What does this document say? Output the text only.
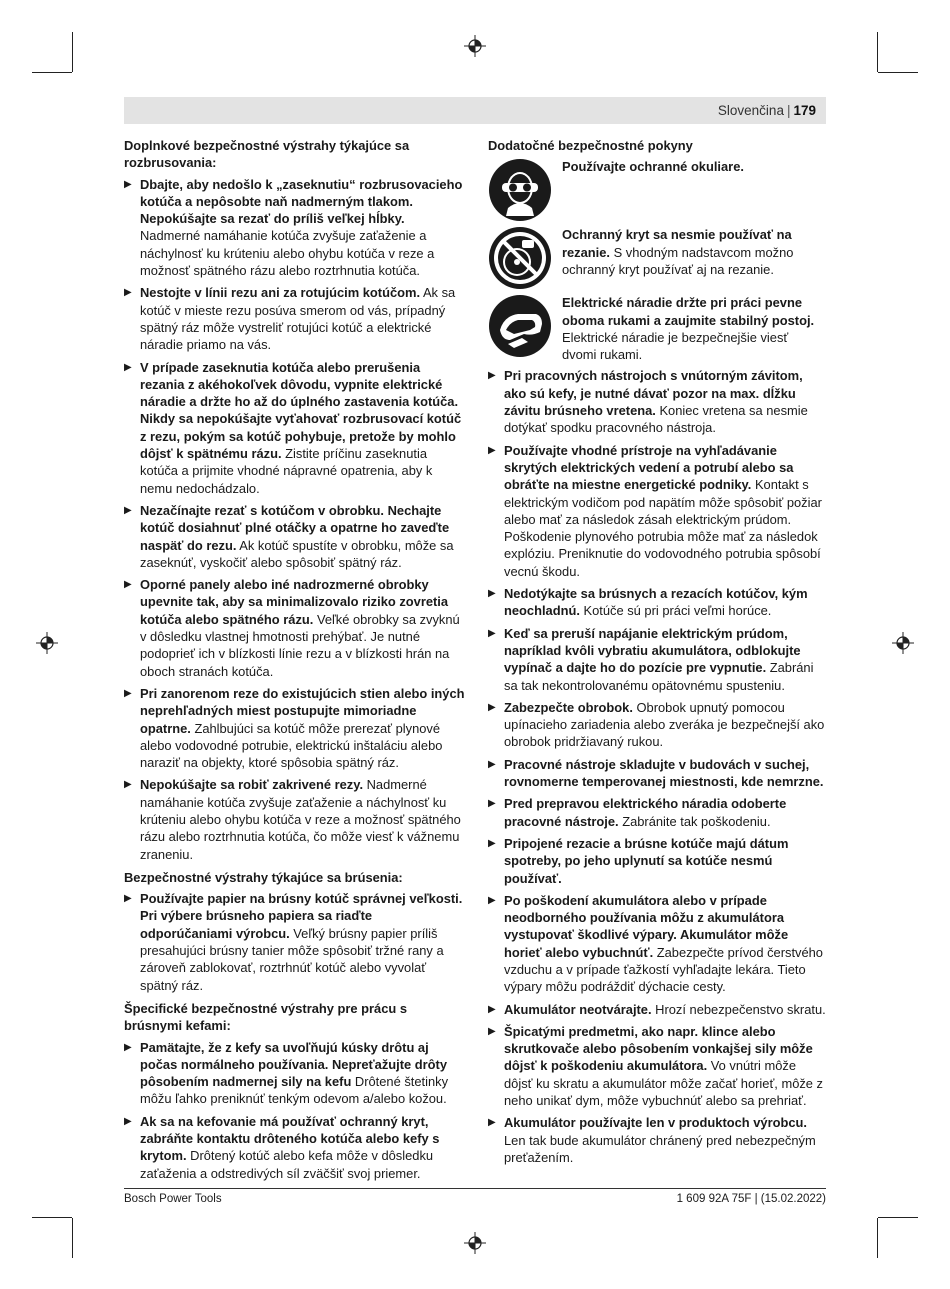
Slovenčina | 179
Doplnkové bezpečnostné výstrahy týkajúce sa rozbrusovania:
▶ Dbajte, aby nedošlo k „zaseknutiu“ rozbrusovacieho kotúča a nepôsobte naň nadmerným tlakom. Nepokúšajte sa rezať do príliš veľkej hĺbky. Nadmerné namáhanie kotúča zvyšuje zaťaženie a náchylnosť ku krúteniu alebo ohybu kotúča v reze a možnosť spätného rázu alebo roztrhnutia kotúča.
▶ Nestojte v línii rezu ani za rotujúcim kotúčom. Ak sa kotúč v mieste rezu posúva smerom od vás, prípadný spätný ráz môže vystreliť rotujúci kotúč a elektrické náradie priamo na vás.
▶ V prípade zaseknutia kotúča alebo prerušenia rezania z akéhokoľvek dôvodu, vypnite elektrické náradie a držte ho až do úplného zastavenia kotúča. Nikdy sa nepokúšajte vyťahovať rozbrusovací kotúč z rezu, pokým sa kotúč pohybuje, pretože by mohlo dôjsť k spätnému rázu. Zistite príčinu zaseknutia kotúča a prijmite vhodné nápravné opatrenia, aby k nemu nedochádzalo.
▶ Nezačínajte rezať s kotúčom v obrobku. Nechajte kotúč dosiahnuť plné otáčky a opatrne ho zaveďte naspäť do rezu. Ak kotúč spustíte v obrobku, môže sa zaseknúť, vyskočiť alebo spôsobiť spätný ráz.
▶ Oporné panely alebo iné nadrozmerné obrobky upevnite tak, aby sa minimalizovalo riziko zovretia kotúča alebo spätného rázu. Veľké obrobky sa zvyknú v dôsledku vlastnej hmotnosti prehýbať. Je nutné podoprieť ich v blízkosti línie rezu a v blízkosti hrán na oboch stranách kotúča.
▶ Pri zanorenom reze do existujúcich stien alebo iných neprehľadných miest postupujte mimoriadne opatrne. Zahlbujúci sa kotúč môže prerezať plynové alebo vodovodné potrubie, elektrickú inštaláciu alebo naraziť na objekty, ktoré spôsobia spätný ráz.
▶ Nepokúšajte sa robiť zakrivené rezy. Nadmerné namáhanie kotúča zvyšuje zaťaženie a náchylnosť ku krúteniu alebo ohybu kotúča v reze a možnosť spätného rázu alebo roztrhnutia kotúča, čo môže viesť k vážnemu zraneniu.
Bezpečnostné výstrahy týkajúce sa brúsenia:
▶ Používajte papier na brúsny kotúč správnej veľkosti. Pri výbere brúsneho papiera sa riaďte odporúčaniami výrobcu. Veľký brúsny papier príliš presahujúci brúsny tanier môže spôsobiť tržné rany a zároveň zablokovať, roztrhnúť kotúč alebo vyvolať spätný ráz.
Špecifické bezpečnostné výstrahy pre prácu s brúsnymi kefami:
▶ Pamätajte, že z kefy sa uvoľňujú kúsky drôtu aj počas normálneho používania. Nepreťažujte drôty pôsobením nadmernej sily na kefu Drôtené štetinky môžu ľahko preniknúť tenkým odevom a/alebo kožou.
▶ Ak sa na kefovanie má používať ochranný kryt, zabráňte kontaktu drôteného kotúča alebo kefy s krytom. Drôtený kotúč alebo kefa môže v dôsledku zaťaženia a odstredivých síl zväčšiť svoj priemer.
Dodatočné bezpečnostné pokyny
Používajte ochranné okuliare.
Ochranný kryt sa nesmie používať na rezanie. S vhodným nadstavcom možno ochranný kryt používať aj na rezanie.
Elektrické náradie držte pri práci pevne oboma rukami a zaujmite stabilný postoj. Elektrické náradie je bezpečnejšie viesť dvomi rukami.
▶ Pri pracovných nástrojoch s vnútorným závitom, ako sú kefy, je nutné dávať pozor na max. dĺžku závitu brúsneho vretena. Koniec vretena sa nesmie dotýkať spodku pracovného nástroja.
▶ Používajte vhodné prístroje na vyhľadávanie skrytých elektrických vedení a potrubí alebo sa obráťte na miestne energetické podniky. Kontakt s elektrickým vodičom pod napätím môže spôsobiť požiar alebo mať za následok zásah elektrickým prúdom. Poškodenie plynového potrubia môže mať za následok explóziu. Preniknutie do vodovodného potrubia spôsobí vecnú škodu.
▶ Nedotýkajte sa brúsnych a rezacích kotúčov, kým neochladnú. Kotúče sú pri práci veľmi horúce.
▶ Keď sa preruší napájanie elektrickým prúdom, napríklad kvôli vybratiu akumulátora, odblokujte vypínač a dajte ho do pozície pre vypnutie. Zabráni sa tak nekontrolovanému opätovnému spusteniu.
▶ Zabezpečte obrobok. Obrobok upnutý pomocou upínacieho zariadenia alebo zveráka je bezpečnejší ako obrobok pridržiavaný rukou.
▶ Pracovné nástroje skladujte v budovách v suchej, rovnomerne temperovanej miestnosti, kde nemrzne.
▶ Pred prepravou elektrického náradia odoberte pracovné nástroje. Zabránite tak poškodeniu.
▶ Pripojené rezacie a brúsne kotúče majú dátum spotreby, po jeho uplynutí sa kotúče nesmú používať.
▶ Po poškodení akumulátora alebo v prípade neodborného používania môžu z akumulátora vystupovať škodlivé výpary. Akumulátor môže horieť alebo vybuchnúť. Zabezpečte prívod čerstvého vzduchu a v prípade ťažkostí vyhľadajte lekára. Tieto výpary môžu podráždiť dýchacie cesty.
▶ Akumulátor neotvárajte. Hrozí nebezpečenstvo skratu.
▶ Špicatými predmetmi, ako napr. klince alebo skrutkovače alebo pôsobením vonkajšej sily môže dôjsť k poškodeniu akumulátora. Vo vnútri môže dôjsť ku skratu a akumulátor môže začať horieť, môže z neho unikať dym, môže vybuchnúť alebo sa prehriať.
▶ Akumulátor používajte len v produktoch výrobcu. Len tak bude akumulátor chránený pred nebezpečným preťažením.
Bosch Power Tools	1 609 92A 75F | (15.02.2022)
